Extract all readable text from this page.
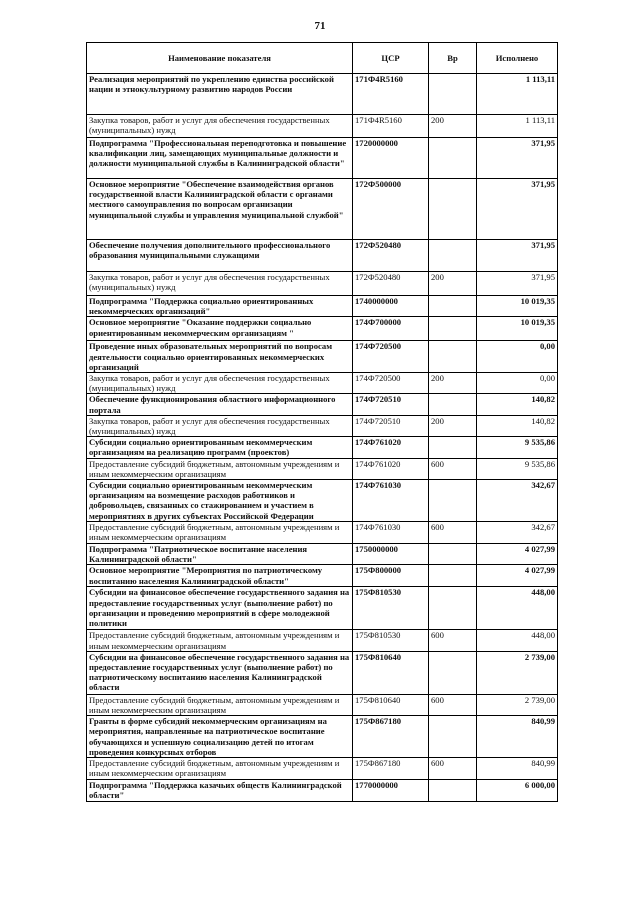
71
Наименование показателя	ЦСР	Вр	Исполнено
Реализация мероприятий по укреплению единства российской нации и этнокультурному развитию народов России	171Ф4R5160		1 113,11
Закупка товаров, работ и услуг для обеспечения государственных (муниципальных) нужд	171Ф4R5160	200	1 113,11
Подпрограмма "Профессиональная переподготовка и повышение квалификации лиц, замещающих муниципальные должности и должности муниципальной службы в Калининградской области"	1720000000		371,95
Основное мероприятие "Обеспечение взаимодействия органов государственной власти Калининградской области с органами местного самоуправления по вопросам организации муниципальной службы и управления муниципальной службой"	172Ф500000		371,95
Обеспечение получения дополнительного профессионального образования муниципальными служащими	172Ф520480		371,95
Закупка товаров, работ и услуг для обеспечения государственных (муниципальных) нужд	172Ф520480	200	371,95
Подпрограмма "Поддержка социально ориентированных некоммерческих организаций"	1740000000		10 019,35
Основное мероприятие "Оказание поддержки социально ориентированным некоммерческим организациям "	174Ф700000		10 019,35
Проведение иных образовательных мероприятий по вопросам деятельности социально ориентированных некоммерческих организаций	174Ф720500		0,00
Закупка товаров, работ и услуг для обеспечения государственных (муниципальных) нужд	174Ф720500	200	0,00
Обеспечение функционирования областного информационного портала	174Ф720510		140,82
Закупка товаров, работ и услуг для обеспечения государственных (муниципальных) нужд	174Ф720510	200	140,82
Субсидии социально ориентированным некоммерческим организациям на реализацию программ (проектов)	174Ф761020		9 535,86
Предоставление субсидий бюджетным, автономным учреждениям и иным некоммерческим организациям	174Ф761020	600	9 535,86
Субсидии социально ориентированным некоммерческим организациям на возмещение расходов работников и добровольцев, связанных со стажированием и участием в мероприятиях в других субъектах Российской Федерации	174Ф761030		342,67
Предоставление субсидий бюджетным, автономным учреждениям и иным некоммерческим организациям	174Ф761030	600	342,67
Подпрограмма "Патриотическое воспитание населения Калининградской области"	1750000000		4 027,99
Основное мероприятие "Мероприятия по патриотическому воспитанию населения Калининградской области"	175Ф800000		4 027,99
Субсидии на финансовое обеспечение государственного задания на предоставление государственных услуг (выполнение работ) по организации и проведению мероприятий в сфере молодежной политики	175Ф810530		448,00
Предоставление субсидий бюджетным, автономным учреждениям и иным некоммерческим организациям	175Ф810530	600	448,00
Субсидии на финансовое обеспечение государственного задания на предоставление государственных услуг (выполнение работ) по патриотическому воспитанию населения Калининградской области	175Ф810640		2 739,00
Предоставление субсидий бюджетным, автономным учреждениям и иным некоммерческим организациям	175Ф810640	600	2 739,00
Гранты в форме субсидий некоммерческим организациям на мероприятия, направленные на патриотическое воспитание обучающихся и успешную социализацию детей по итогам проведения конкурсных отборов	175Ф867180		840,99
Предоставление субсидий бюджетным, автономным учреждениям и иным некоммерческим организациям	175Ф867180	600	840,99
Подпрограмма "Поддержка казачьих обществ Калининградской области"	1770000000		6 000,00
